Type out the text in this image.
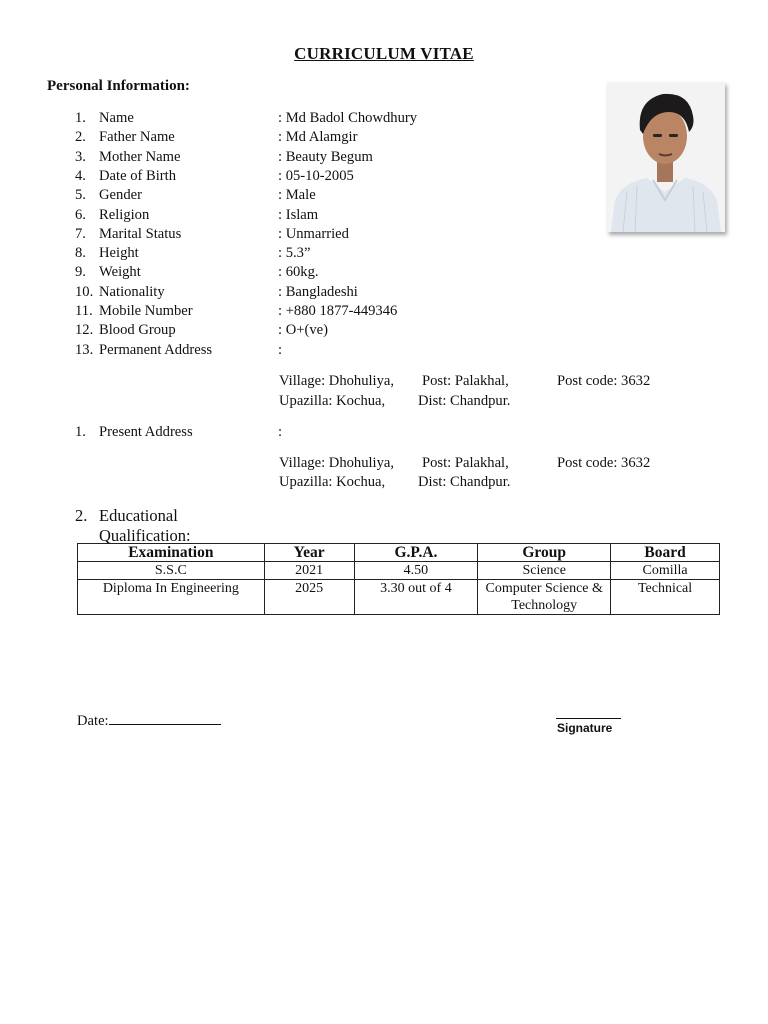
CURRICULUM VITAE
Personal Information:
1. Name	: Md Badol Chowdhury
2. Father Name	: Md Alamgir
3. Mother Name	: Beauty Begum
4. Date of Birth	: 05-10-2005
5. Gender	: Male
6. Religion	: Islam
7. Marital Status	: Unmarried
8. Height	: 5.3”
9. Weight	: 60kg.
10. Nationality	: Bangladeshi
11. Mobile Number	: +880 1877-449346
12. Blood Group	: O+(ve)
13. Permanent Address	:
Village: Dhohuliya, Post: Palakhal,	Post code: 3632
Upazilla: Kochua, Dist: Chandpur.
1. Present Address	:
Village: Dhohuliya, Post: Palakhal,	Post code: 3632
Upazilla: Kochua, Dist: Chandpur.
2. Educational Qualification:
Examination	Year	G.P.A.	Group	Board
S.S.C	2021	4.50	Science	Comilla
Diploma In Engineering	2025	3.30 out of 4	Computer Science & Technology	Technical
Date:	Signature
